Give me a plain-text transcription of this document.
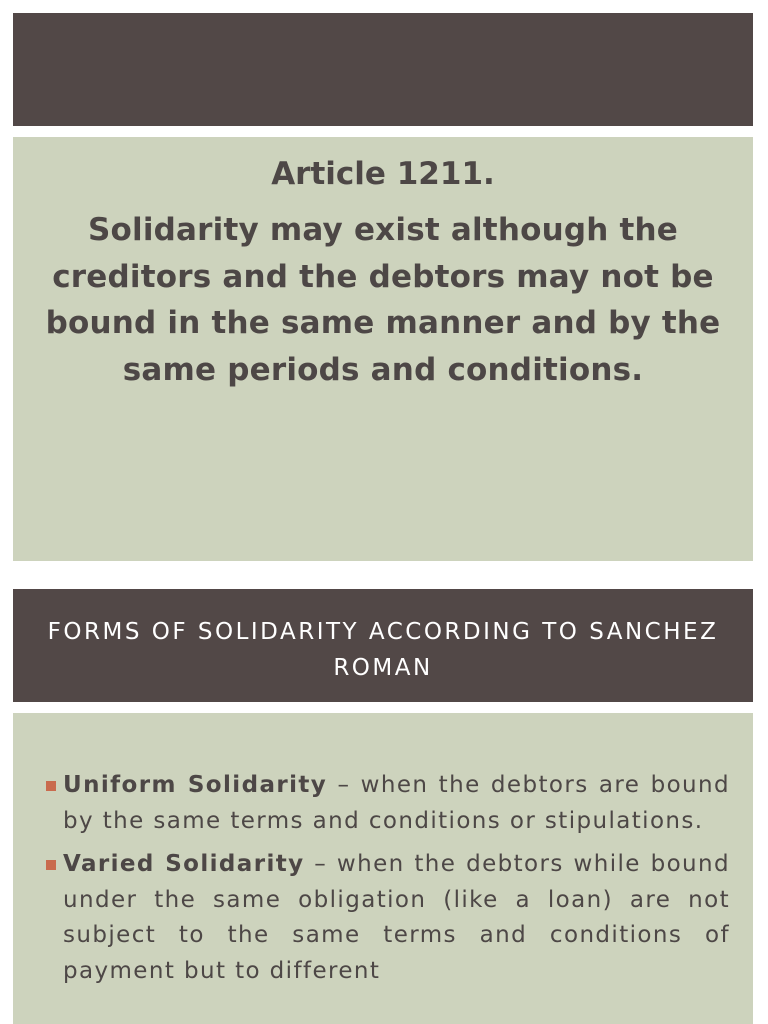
Article 1211.

Solidarity may exist although the creditors and the debtors may not be bound in the same manner and by the same periods and conditions.

FORMS OF SOLIDARITY ACCORDING TO SANCHEZ ROMAN

Uniform Solidarity – when the debtors are bound by the same terms and conditions or stipulations.
Varied Solidarity – when the debtors while bound under the same obligation (like a loan) are not subject to the same terms and conditions of payment but to different
